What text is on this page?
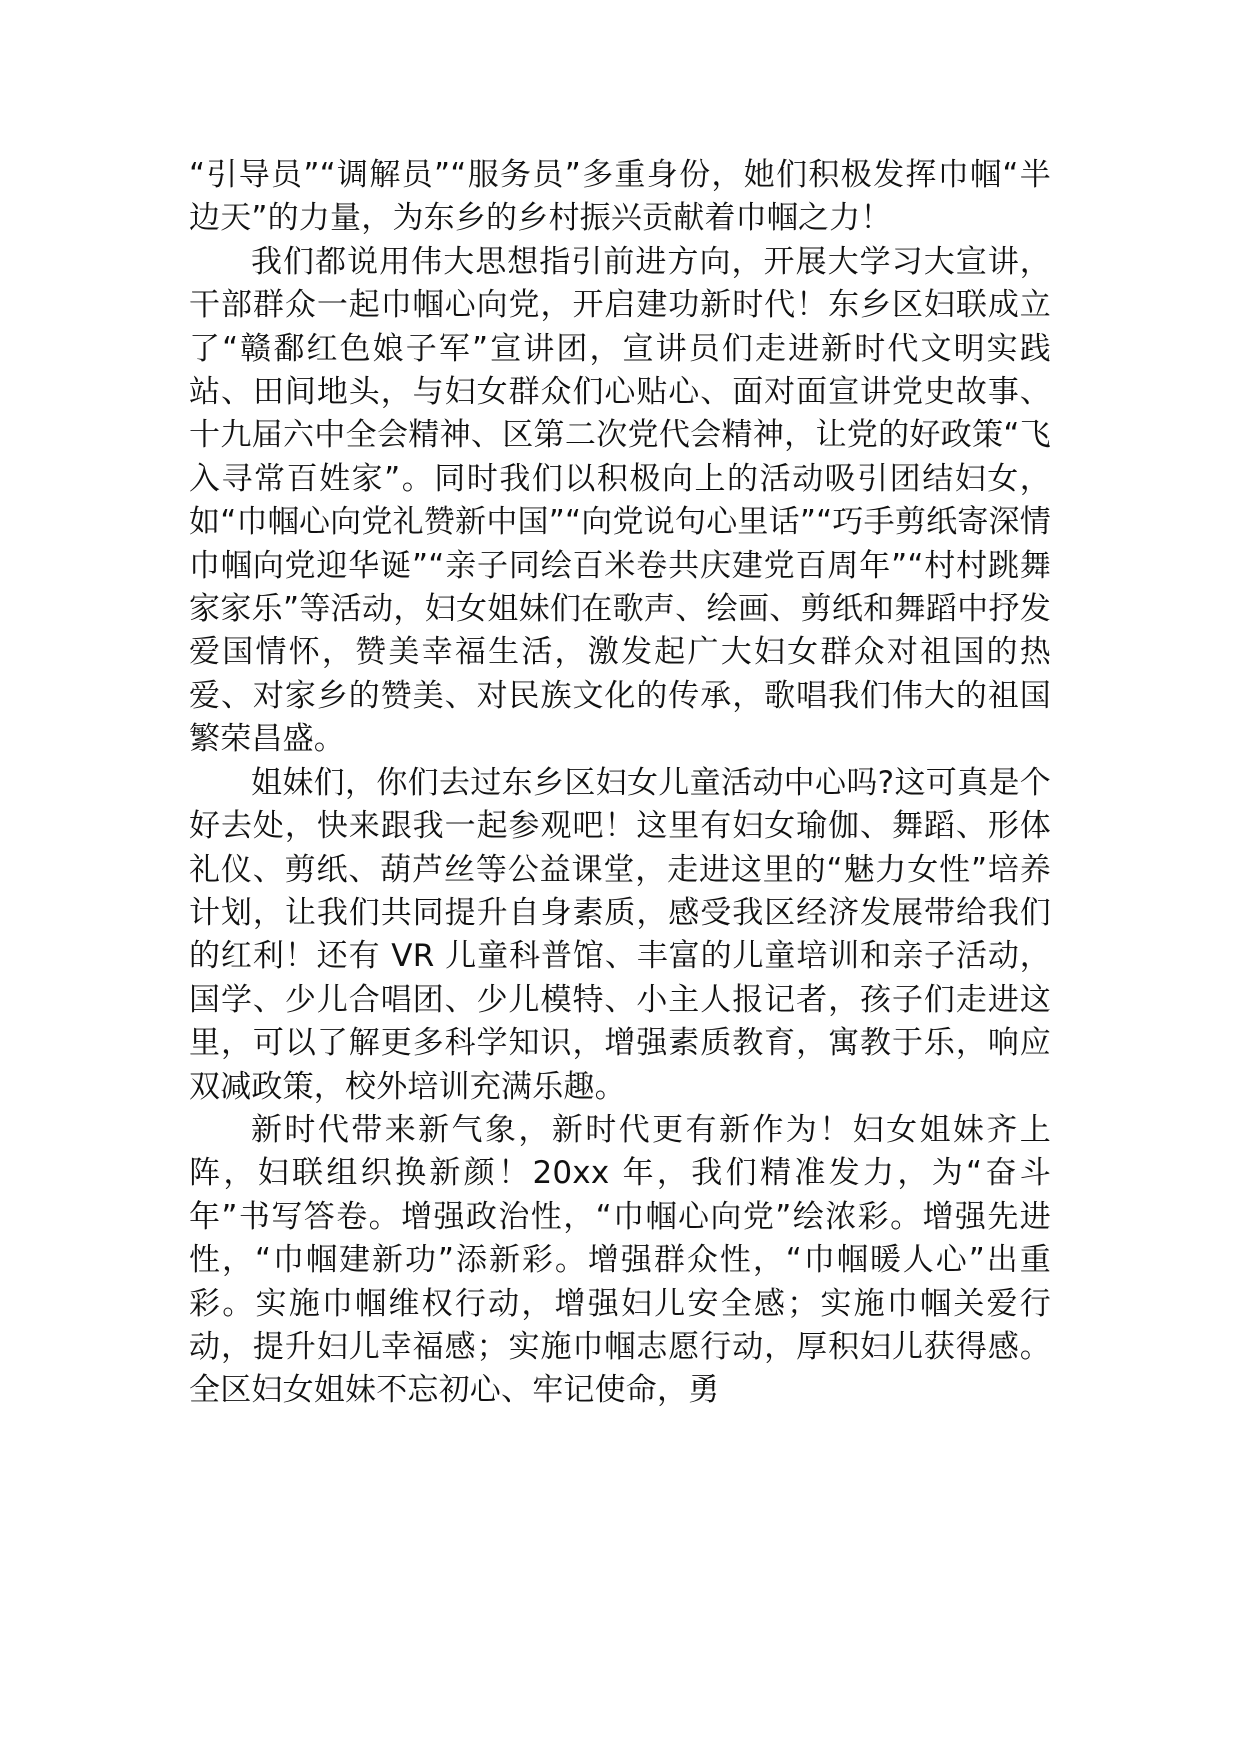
“引导员”“调解员”“服务员”多重身份，她们积极发挥巾帼“半边天”的力量，为东乡的乡村振兴贡献着巾帼之力！

我们都说用伟大思想指引前进方向，开展大学习大宣讲，干部群众一起巾帼心向党，开启建功新时代！东乡区妇联成立了“赣鄱红色娘子军”宣讲团，宣讲员们走进新时代文明实践站、田间地头，与妇女群众们心贴心、面对面宣讲党史故事、十九届六中全会精神、区第二次党代会精神，让党的好政策“飞入寻常百姓家”。同时我们以积极向上的活动吸引团结妇女，如“巾帼心向党礼赞新中国”“向党说句心里话”“巧手剪纸寄深情巾帼向党迎华诞”“亲子同绘百米卷共庆建党百周年”“村村跳舞家家乐”等活动，妇女姐妹们在歌声、绘画、剪纸和舞蹈中抒发爱国情怀，赞美幸福生活，激发起广大妇女群众对祖国的热爱、对家乡的赞美、对民族文化的传承，歌唱我们伟大的祖国繁荣昌盛。

姐妹们，你们去过东乡区妇女儿童活动中心吗?这可真是个好去处，快来跟我一起参观吧！这里有妇女瑜伽、舞蹈、形体礼仪、剪纸、葫芦丝等公益课堂，走进这里的“魅力女性”培养计划，让我们共同提升自身素质，感受我区经济发展带给我们的红利！还有 VR 儿童科普馆、丰富的儿童培训和亲子活动，国学、少儿合唱团、少儿模特、小主人报记者，孩子们走进这里，可以了解更多科学知识，增强素质教育，寓教于乐，响应双减政策，校外培训充满乐趣。

新时代带来新气象，新时代更有新作为！妇女姐妹齐上阵，妇联组织换新颜！20xx 年，我们精准发力，为“奋斗年”书写答卷。增强政治性，“巾帼心向党”绘浓彩。增强先进性，“巾帼建新功”添新彩。增强群众性，“巾帼暖人心”出重彩。实施巾帼维权行动，增强妇儿安全感；实施巾帼关爱行动，提升妇儿幸福感；实施巾帼志愿行动，厚积妇儿获得感。全区妇女姐妹不忘初心、牢记使命，勇
